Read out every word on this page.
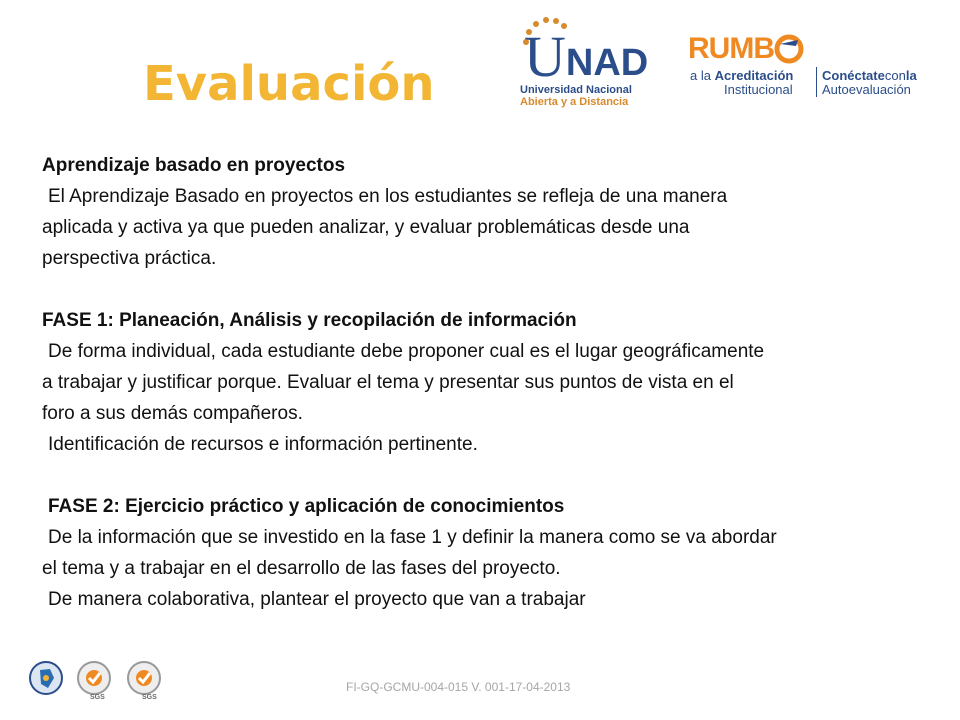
Evaluación $U^{NAD}$
Universidad Nacional
Abierta y a Distancia
RUMB
a la Acreditación
Institucional
Conéctateconla
Autoevaluación

Aprendizaje basado en proyectos

El Aprendizaje Basado en proyectos en los estudiantes se refleja de una manera

aplicada y activa ya que pueden analizar, y evaluar problemáticas desde una

perspectiva práctica.

FASE 1: Planeación, Análisis y recopilación de información

De forma individual, cada estudiante debe proponer cual es el lugar geográficamente

a trabajar y justificar porque. Evaluar el tema y presentar sus puntos de vista en el

foro a sus demás compañeros.

Identificación de recursos e información pertinente.

FASE 2: Ejercicio práctico y aplicación de conocimientos

De la información que se investido en la fase 1 y definir la manera como se va abordar

el tema y a trabajar en el desarrollo de las fases del proyecto.

De manera colaborativa, plantear el proyecto que van a trabajar

SGS	SGS
FI-GQ-GCMU-004-015 V. 001-17-04-2013
